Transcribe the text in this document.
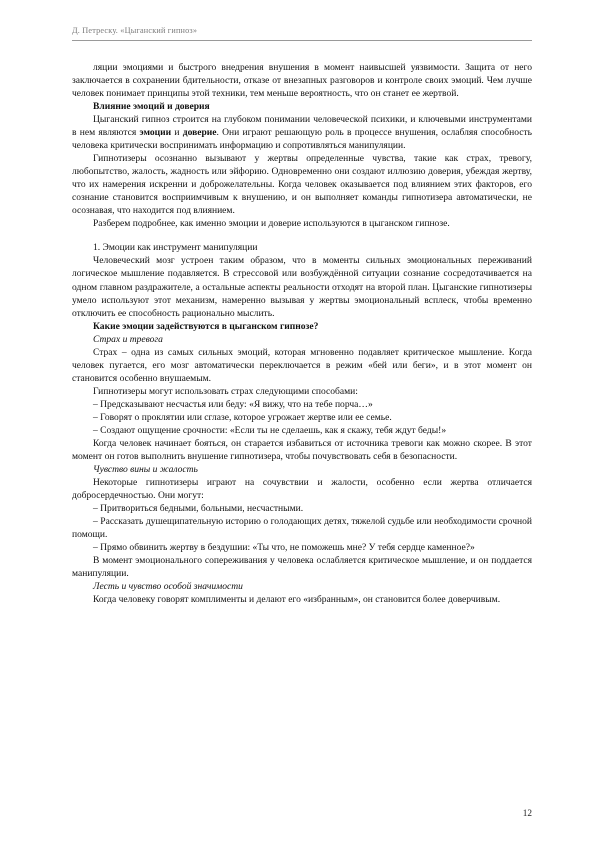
Д. Петреску. «Цыганский гипноз»

ляции эмоциями и быстрого внедрения внушения в момент наивысшей уязвимости. Защита от него заключается в сохранении бдительности, отказе от внезапных разговоров и контроле своих эмоций. Чем лучше человек понимает принципы этой техники, тем меньше вероятность, что он станет ее жертвой.

Влияние эмоций и доверия

Цыганский гипноз строится на глубоком понимании человеческой психики, и ключевыми инструментами в нем являются эмоции и доверие. Они играют решающую роль в процессе внушения, ослабляя способность человека критически воспринимать информацию и сопротивляться манипуляции.

Гипнотизеры осознанно вызывают у жертвы определенные чувства, такие как страх, тревогу, любопытство, жалость, жадность или эйфорию. Одновременно они создают иллюзию доверия, убеждая жертву, что их намерения искренни и доброжелательны. Когда человек оказывается под влиянием этих факторов, его сознание становится восприимчивым к внушению, и он выполняет команды гипнотизера автоматически, не осознавая, что находится под влиянием.

Разберем подробнее, как именно эмоции и доверие используются в цыганском гипнозе.

1. Эмоции как инструмент манипуляции

Человеческий мозг устроен таким образом, что в моменты сильных эмоциональных переживаний логическое мышление подавляется. В стрессовой или возбуждённой ситуации сознание сосредотачивается на одном главном раздражителе, а остальные аспекты реальности отходят на второй план. Цыганские гипнотизеры умело используют этот механизм, намеренно вызывая у жертвы эмоциональный всплеск, чтобы временно отключить ее способность рационально мыслить.

Какие эмоции задействуются в цыганском гипнозе?

Страх и тревога

Страх – одна из самых сильных эмоций, которая мгновенно подавляет критическое мышление. Когда человек пугается, его мозг автоматически переключается в режим «бей или беги», и в этот момент он становится особенно внушаемым.

Гипнотизеры могут использовать страх следующими способами:

– Предсказывают несчастья или беду: «Я вижу, что на тебе порча…»

– Говорят о проклятии или сглазе, которое угрожает жертве или ее семье.

– Создают ощущение срочности: «Если ты не сделаешь, как я скажу, тебя ждут беды!»

Когда человек начинает бояться, он старается избавиться от источника тревоги как можно скорее. В этот момент он готов выполнить внушение гипнотизера, чтобы почувствовать себя в безопасности.

Чувство вины и жалость

Некоторые гипнотизеры играют на сочувствии и жалости, особенно если жертва отличается добросердечностью. Они могут:

– Притвориться бедными, больными, несчастными.

– Рассказать душещипательную историю о голодающих детях, тяжелой судьбе или необходимости срочной помощи.

– Прямо обвинить жертву в бездушии: «Ты что, не поможешь мне? У тебя сердце каменное?»

В момент эмоционального сопереживания у человека ослабляется критическое мышление, и он поддается манипуляции.

Лесть и чувство особой значимости

Когда человеку говорят комплименты и делают его «избранным», он становится более доверчивым.

12
